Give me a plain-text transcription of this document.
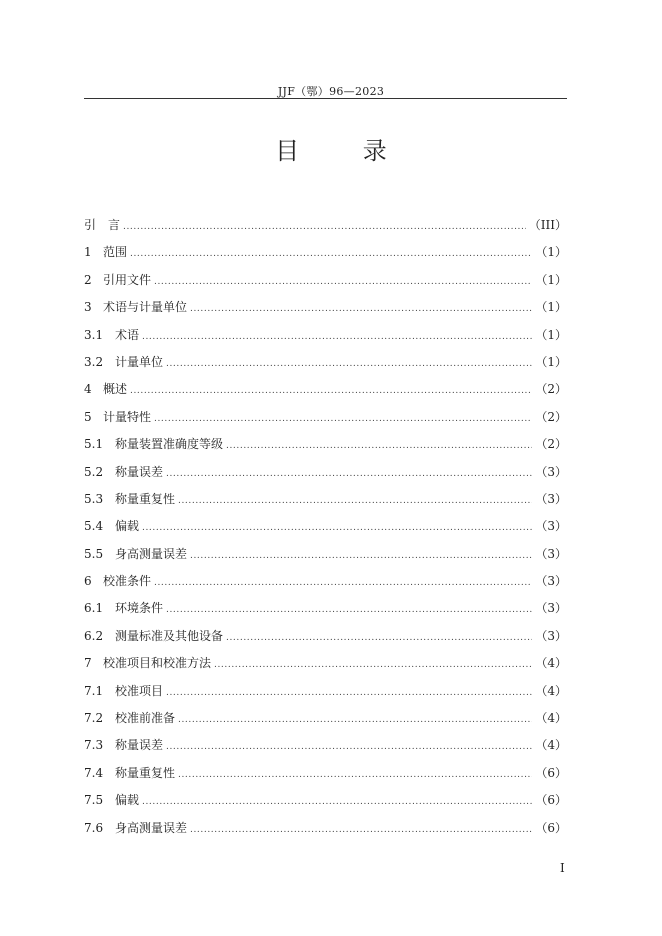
JJF（鄂）96—2023
目 录
引　言 .....	（III）
1 范围 .....	（1）
2 引用文件 .....	（1）
3 术语与计量单位 .....	（1）
3.1 术语 .....	（1）
3.2 计量单位 .....	（1）
4 概述 .....	（2）
5 计量特性 .....	（2）
5.1 称量装置准确度等级 .....	（2）
5.2 称量误差 .....	（3）
5.3 称量重复性 .....	（3）
5.4 偏载 .....	（3）
5.5 身高测量误差 .....	（3）
6 校准条件 .....	（3）
6.1 环境条件 .....	（3）
6.2 测量标准及其他设备 .....	（3）
7 校准项目和校准方法 .....	（4）
7.1 校准项目 .....	（4）
7.2 校准前准备 .....	（4）
7.3 称量误差 .....	（4）
7.4 称量重复性 .....	（6）
7.5 偏载 .....	（6）
7.6 身高测量误差 .....	（6）
I
